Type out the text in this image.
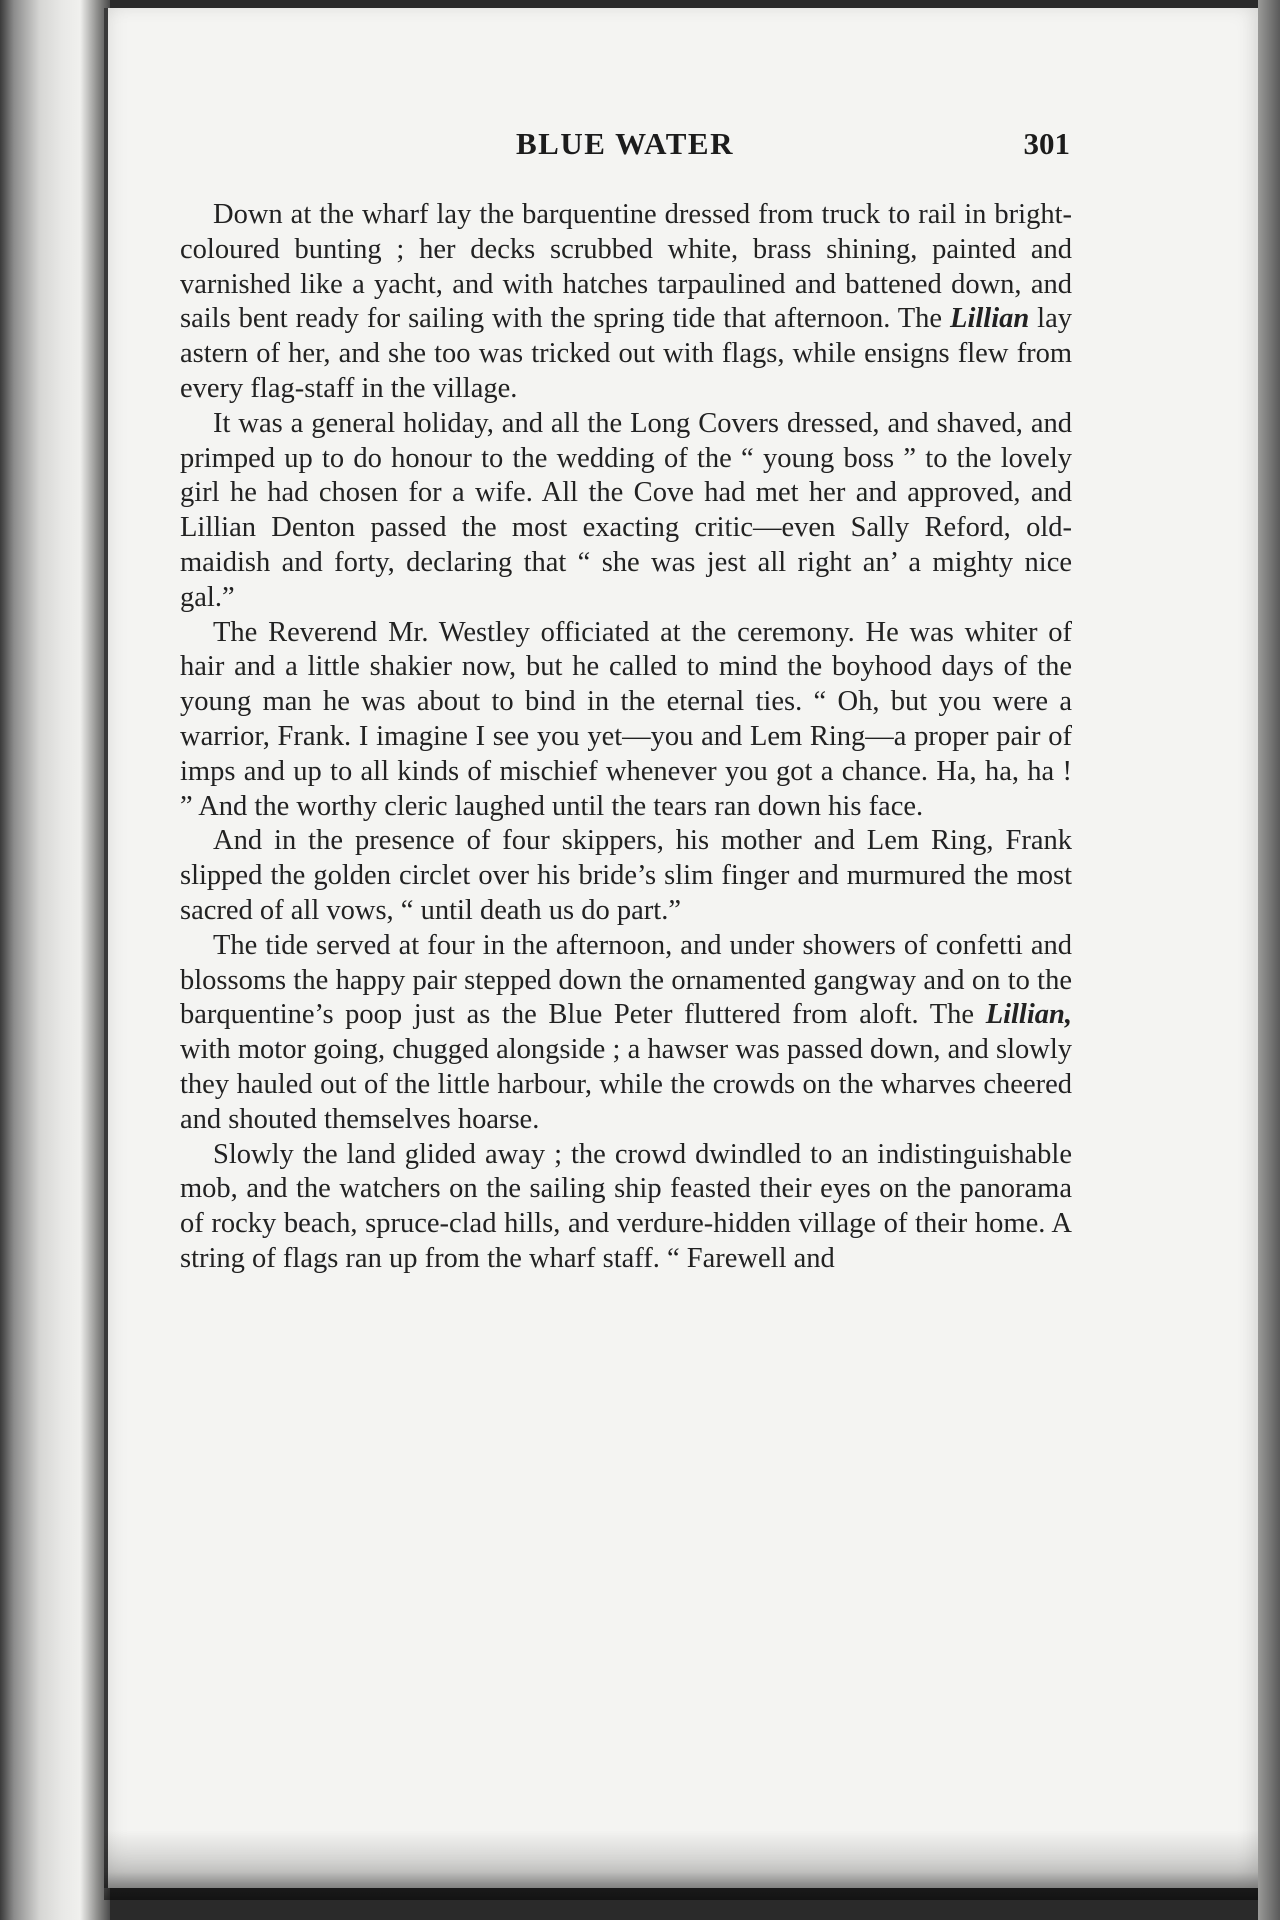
BLUE WATER	301

Down at the wharf lay the barquentine dressed from truck to rail in bright-coloured bunting ; her decks scrubbed white, brass shining, painted and varnished like a yacht, and with hatches tarpaulined and battened down, and sails bent ready for sailing with the spring tide that afternoon. The Lillian lay astern of her, and she too was tricked out with flags, while ensigns flew from every flag-staff in the village.

It was a general holiday, and all the Long Covers dressed, and shaved, and primped up to do honour to the wedding of the “ young boss ” to the lovely girl he had chosen for a wife. All the Cove had met her and approved, and Lillian Denton passed the most exacting critic—even Sally Reford, old-maidish and forty, declaring that “ she was jest all right an’ a mighty nice gal.”

The Reverend Mr. Westley officiated at the ceremony. He was whiter of hair and a little shakier now, but he called to mind the boyhood days of the young man he was about to bind in the eternal ties. “ Oh, but you were a warrior, Frank. I imagine I see you yet—you and Lem Ring—a proper pair of imps and up to all kinds of mischief whenever you got a chance. Ha, ha, ha ! ” And the worthy cleric laughed until the tears ran down his face.

And in the presence of four skippers, his mother and Lem Ring, Frank slipped the golden circlet over his bride’s slim finger and murmured the most sacred of all vows, “ until death us do part.”

The tide served at four in the afternoon, and under showers of confetti and blossoms the happy pair stepped down the ornamented gangway and on to the barquentine’s poop just as the Blue Peter fluttered from aloft. The Lillian, with motor going, chugged alongside ; a hawser was passed down, and slowly they hauled out of the little harbour, while the crowds on the wharves cheered and shouted themselves hoarse.

Slowly the land glided away ; the crowd dwindled to an indistinguishable mob, and the watchers on the sailing ship feasted their eyes on the panorama of rocky beach, spruce-clad hills, and verdure-hidden village of their home. A string of flags ran up from the wharf staff. “ Farewell and
